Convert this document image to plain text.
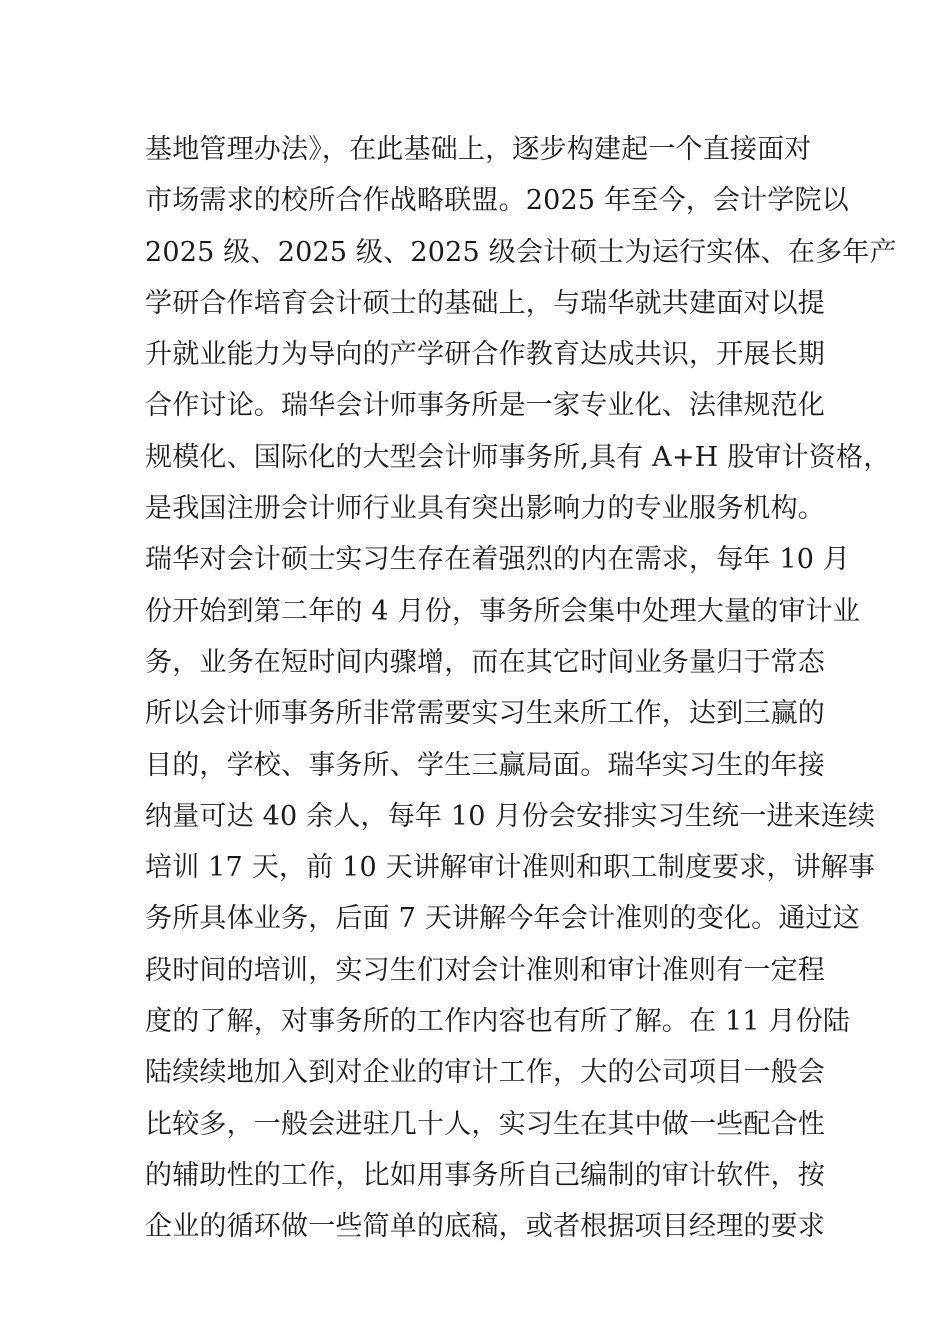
基地管理办法》，在此基础上，逐步构建起一个直接面对
市场需求的校所合作战略联盟。2025 年至今，会计学院以
2025 级、2025 级、2025 级会计硕士为运行实体、在多年产
学研合作培育会计硕士的基础上，与瑞华就共建面对以提
升就业能力为导向的产学研合作教育达成共识，开展长期
合作讨论。瑞华会计师事务所是一家专业化、法律规范化
规模化、国际化的大型会计师事务所,具有 A+H 股审计资格，
是我国注册会计师行业具有突出影响力的专业服务机构。
瑞华对会计硕士实习生存在着强烈的内在需求，每年 10 月
份开始到第二年的 4 月份，事务所会集中处理大量的审计业
务，业务在短时间内骤增，而在其它时间业务量归于常态
所以会计师事务所非常需要实习生来所工作，达到三赢的
目的，学校、事务所、学生三赢局面。瑞华实习生的年接
纳量可达 40 余人，每年 10 月份会安排实习生统一进来连续
培训 17 天，前 10 天讲解审计准则和职工制度要求，讲解事
务所具体业务，后面 7 天讲解今年会计准则的变化。通过这
段时间的培训，实习生们对会计准则和审计准则有一定程
度的了解，对事务所的工作内容也有所了解。在 11 月份陆
陆续续地加入到对企业的审计工作，大的公司项目一般会
比较多，一般会进驻几十人，实习生在其中做一些配合性
的辅助性的工作，比如用事务所自己编制的审计软件，按
企业的循环做一些简单的底稿，或者根据项目经理的要求
